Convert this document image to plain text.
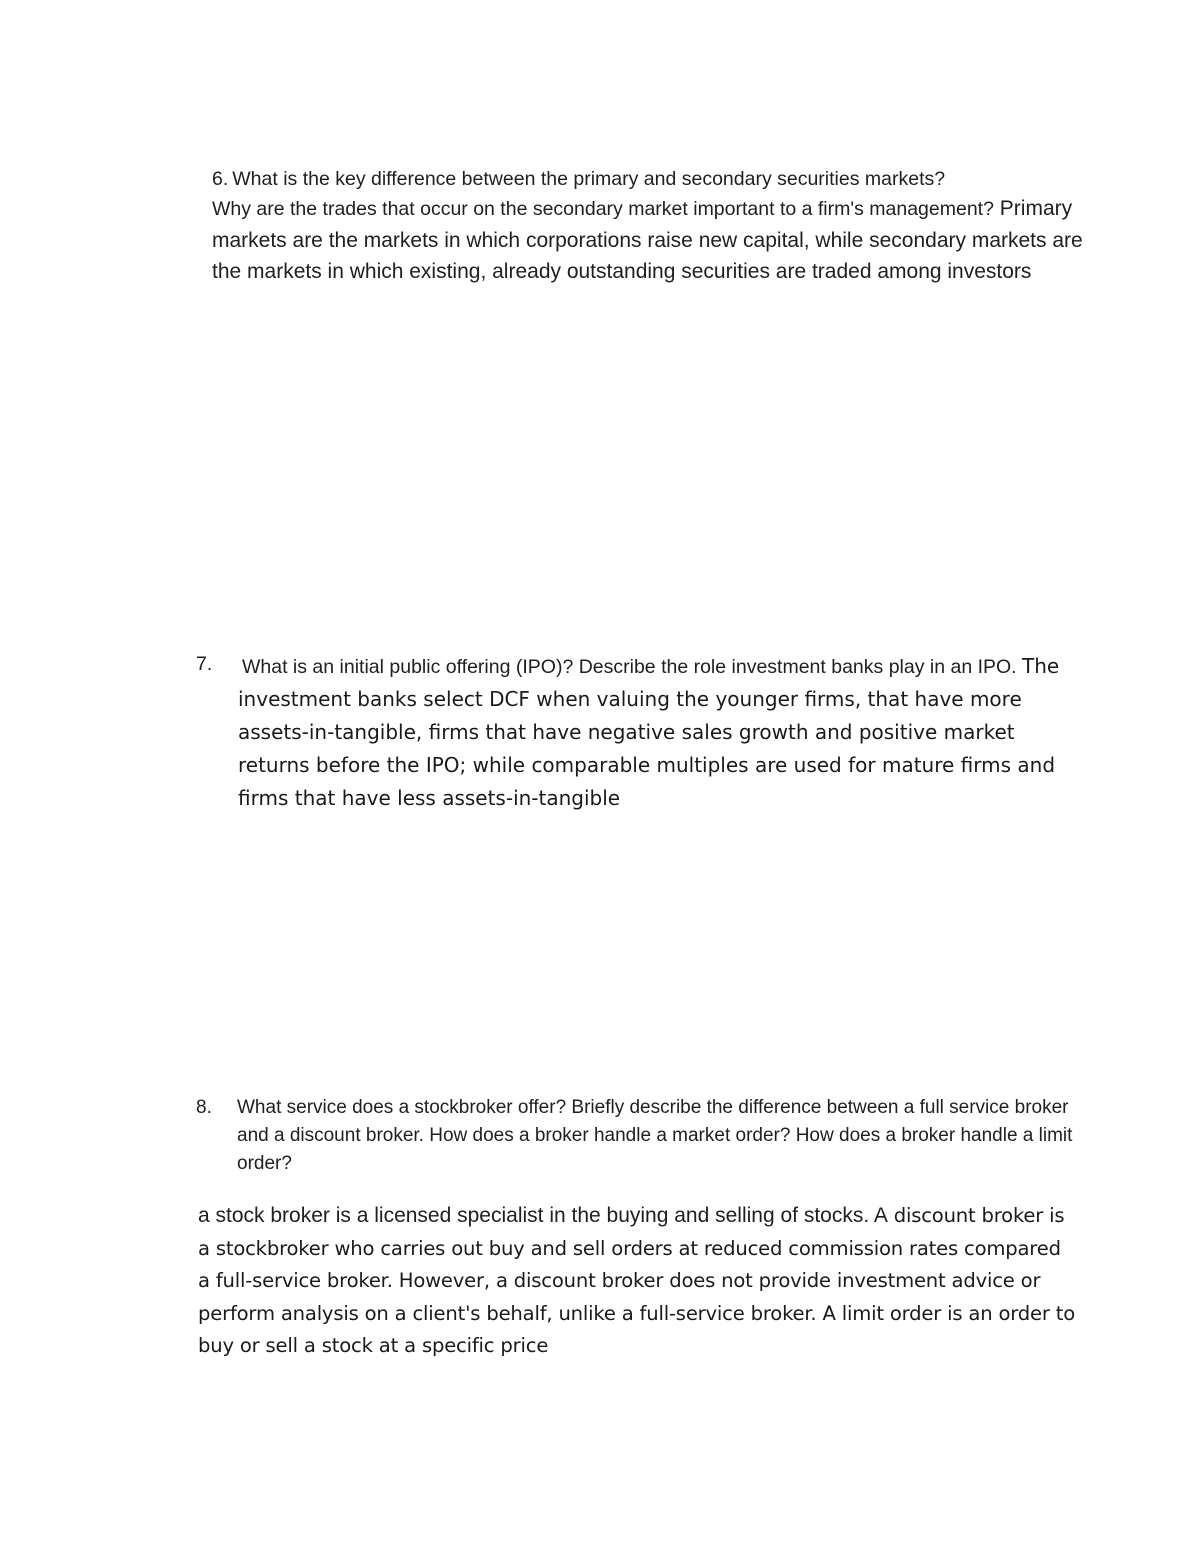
6. What is the key difference between the primary and secondary securities markets?
Why are the trades that occur on the secondary market important to a firm's management? Primary markets are the markets in which corporations raise new capital, while secondary markets are the markets in which existing, already outstanding securities are traded among investors
7. What is an initial public offering (IPO)? Describe the role investment banks play in an IPO. The investment banks select DCF when valuing the younger firms, that have more assets-in-tangible, firms that have negative sales growth and positive market returns before the IPO; while comparable multiples are used for mature firms and firms that have less assets-in-tangible
8. What service does a stockbroker offer? Briefly describe the difference between a full service broker and a discount broker. How does a broker handle a market order? How does a broker handle a limit order?
a stock broker is a licensed specialist in the buying and selling of stocks. A discount broker is a stockbroker who carries out buy and sell orders at reduced commission rates compared a full-service broker. However, a discount broker does not provide investment advice or perform analysis on a client's behalf, unlike a full-service broker. A limit order is an order to buy or sell a stock at a specific price
